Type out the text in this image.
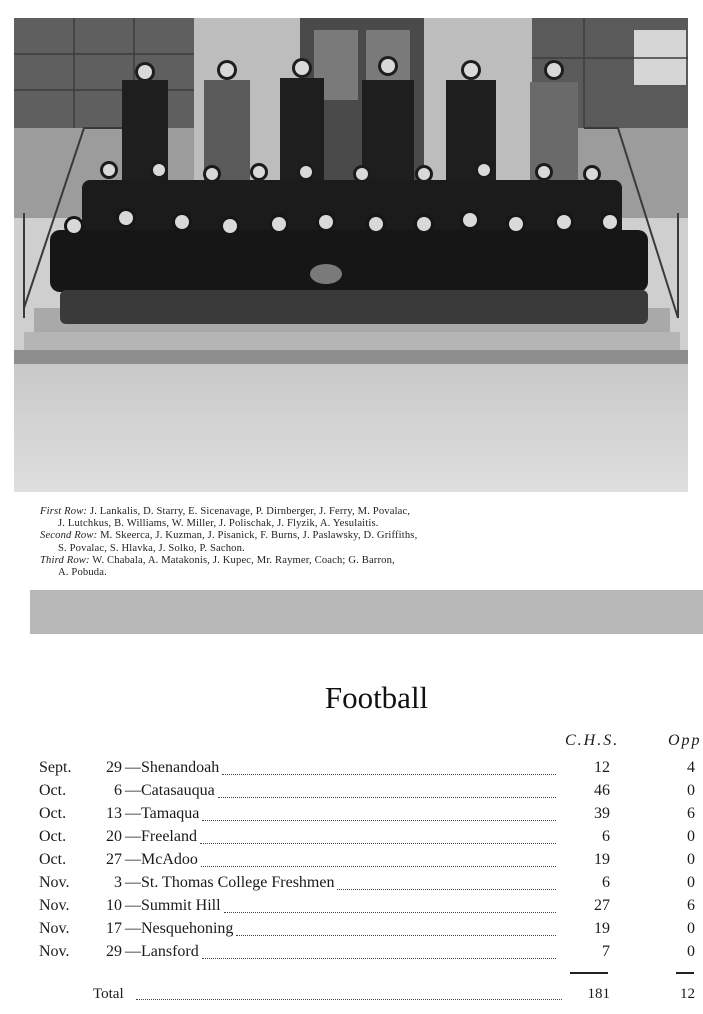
First Row: J. Lankalis, D. Starry, E. Sicenavage, P. Dirnberger, J. Ferry, M. Povalac,
J. Lutchkus, B. Williams, W. Miller, J. Polischak, J. Flyzik, A. Yesulaitis.
Second Row: M. Skeerca, J. Kuzman, J. Pisanick, F. Burns, J. Paslawsky, D. Griffiths,
S. Povalac, S. Hlavka, J. Solko, P. Sachon.
Third Row: W. Chabala, A. Matakonis, J. Kupec, Mr. Raymer, Coach; G. Barron,
A. Pobuda.
Football
C.H.S.	Opp
Sept.	29 —Shenandoah	12	4
Oct.	6 —Catasauqua	46	0
Oct.	13 —Tamaqua	39	6
Oct.	20 —Freeland	6	0
Oct.	27 —McAdoo	19	0
Nov.	3 —St. Thomas College Freshmen	6	0
Nov.	10 —Summit Hill	27	6
Nov.	17 —Nesquehoning	19	0
Nov.	29 —Lansford	7	0
Total	181	12
